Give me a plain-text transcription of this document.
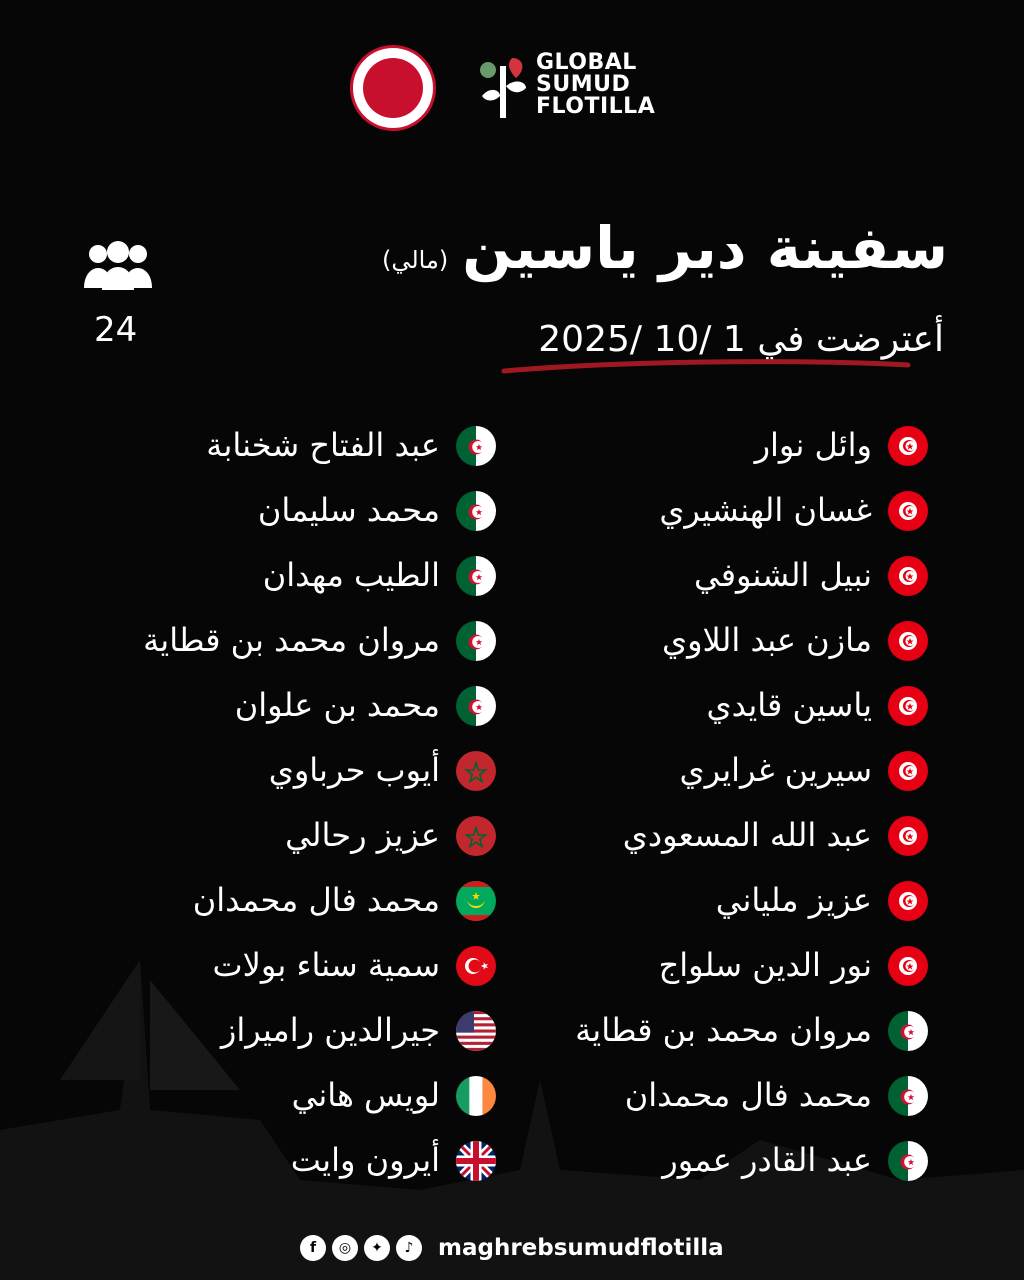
GLOBAL
SUMUD
FLOTILLA
سفينة دير ياسين(مالي)
أعترضت في 1 /10 /2025
24
وائل نوار
غسان الهنشيري
نبيل الشنوفي
مازن عبد اللاوي
ياسين قايدي
سيرين غرايري
عبد الله المسعودي
عزيز ملياني
نور الدين سلواج
مروان محمد بن قطاية
محمد فال محمدان
عبد القادر عمور
عبد الفتاح شخنابة
محمد سليمان
الطيب مهدان
مروان محمد بن قطاية
محمد بن علوان
أيوب حرباوي
عزيز رحالي
محمد فال محمدان
سمية سناء بولات
جيرالدين راميراز
لويس هاني
أيرون وايت
f	◎	✦	♪	maghrebsumudflotilla
